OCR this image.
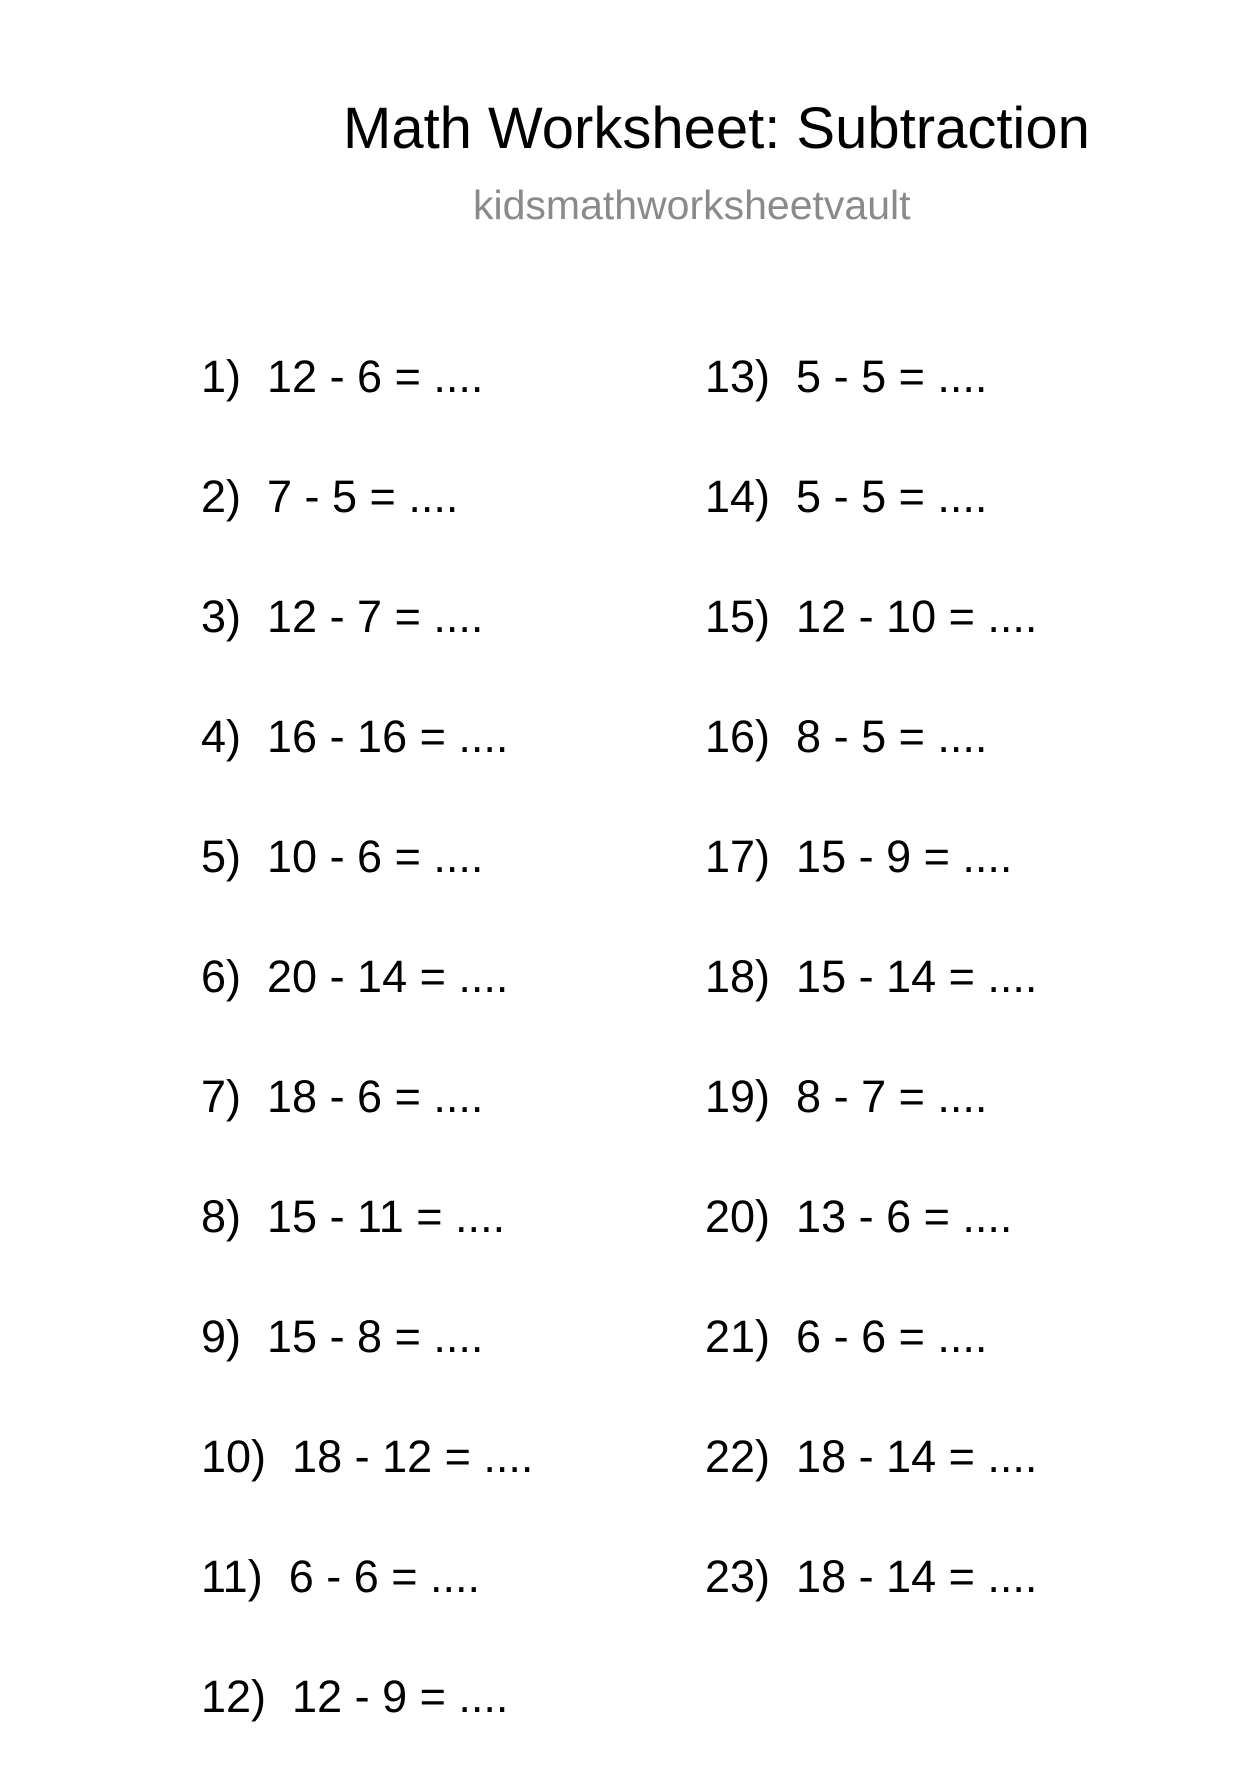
Math Worksheet: Subtraction
kidsmathworksheetvault
1) 12 - 6 = ....
2) 7 - 5 = ....
3) 12 - 7 = ....
4) 16 - 16 = ....
5) 10 - 6 = ....
6) 20 - 14 = ....
7) 18 - 6 = ....
8) 15 - 11 = ....
9) 15 - 8 = ....
10) 18 - 12 = ....
11) 6 - 6 = ....
12) 12 - 9 = ....
13) 5 - 5 = ....
14) 5 - 5 = ....
15) 12 - 10 = ....
16) 8 - 5 = ....
17) 15 - 9 = ....
18) 15 - 14 = ....
19) 8 - 7 = ....
20) 13 - 6 = ....
21) 6 - 6 = ....
22) 18 - 14 = ....
23) 18 - 14 = ....
